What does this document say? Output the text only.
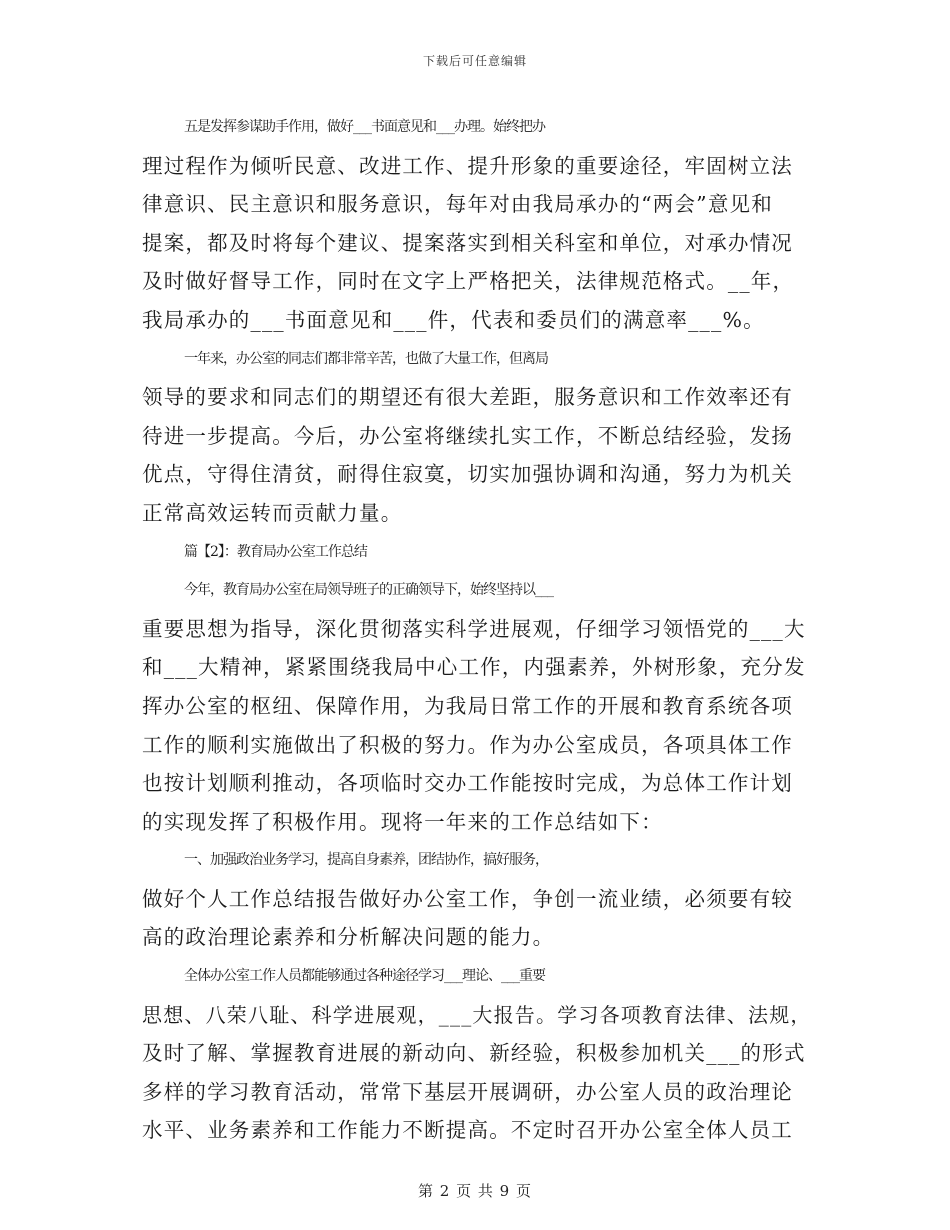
下载后可任意编辑
五是发挥参谋助手作用，做好___书面意见和___办理。始终把办
理过程作为倾听民意、改进工作、提升形象的重要途径，牢固树立法
律意识、民主意识和服务意识，每年对由我局承办的“两会”意见和
提案，都及时将每个建议、提案落实到相关科室和单位，对承办情况
及时做好督导工作，同时在文字上严格把关，法律规范格式。__年，
我局承办的___书面意见和___件，代表和委员们的满意率___%。
一年来，办公室的同志们都非常辛苦，也做了大量工作，但离局
领导的要求和同志们的期望还有很大差距，服务意识和工作效率还有
待进一步提高。今后，办公室将继续扎实工作，不断总结经验，发扬
优点，守得住清贫，耐得住寂寞，切实加强协调和沟通，努力为机关
正常高效运转而贡献力量。
篇【2】：教育局办公室工作总结
今年，教育局办公室在局领导班子的正确领导下，始终坚持以___
重要思想为指导，深化贯彻落实科学进展观，仔细学习领悟党的___大
和___大精神，紧紧围绕我局中心工作，内强素养，外树形象，充分发
挥办公室的枢纽、保障作用，为我局日常工作的开展和教育系统各项
工作的顺利实施做出了积极的努力。作为办公室成员，各项具体工作
也按计划顺利推动，各项临时交办工作能按时完成，为总体工作计划
的实现发挥了积极作用。现将一年来的工作总结如下：
一、加强政治业务学习，提高自身素养，团结协作，搞好服务，
做好个人工作总结报告做好办公室工作，争创一流业绩，必须要有较
高的政治理论素养和分析解决问题的能力。
全体办公室工作人员都能够通过各种途径学习___理论、___重要
思想、八荣八耻、科学进展观，___大报告。学习各项教育法律、法规，
及时了解、掌握教育进展的新动向、新经验，积极参加机关___的形式
多样的学习教育活动，常常下基层开展调研，办公室人员的政治理论
水平、业务素养和工作能力不断提高。不定时召开办公室全体人员工
第 2 页 共 9 页
